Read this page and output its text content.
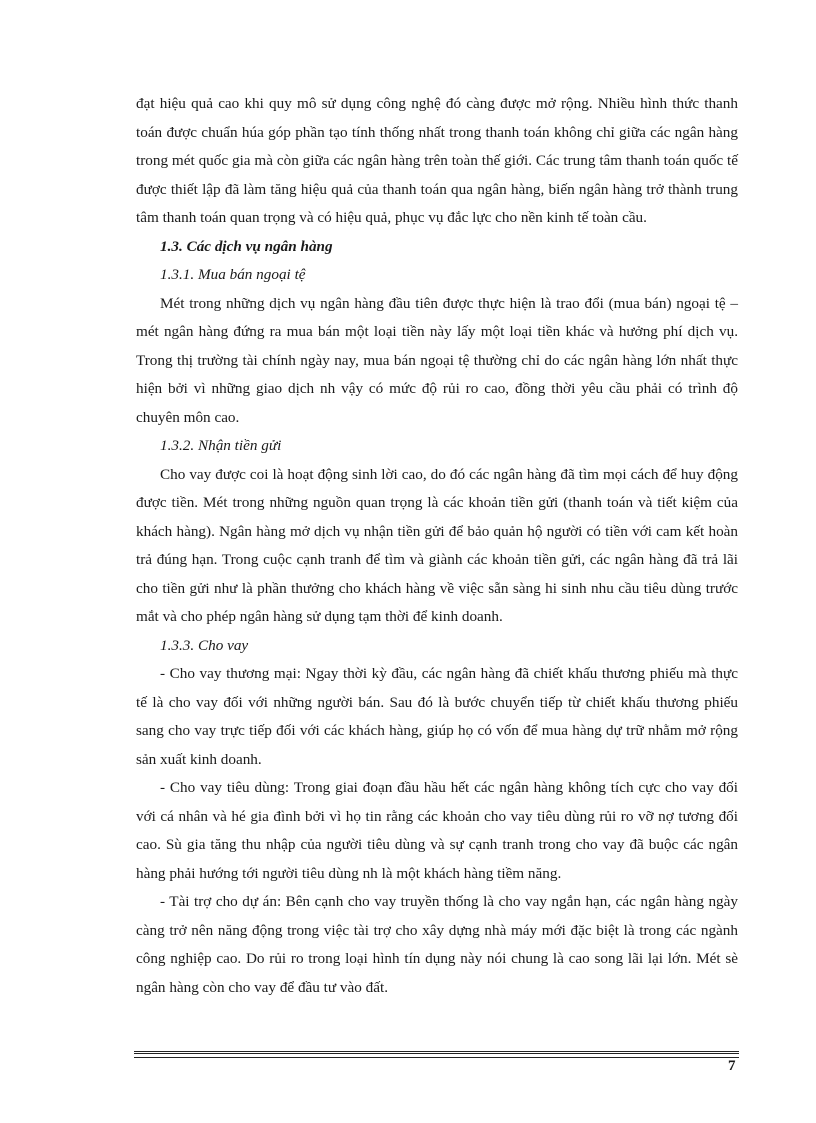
đạt hiệu quả cao khi quy mô sử dụng công nghệ đó càng được mở rộng. Nhiều hình thức thanh toán được chuẩn húa góp phần tạo tính thống nhất trong thanh toán không chỉ giữa các ngân hàng trong mét quốc gia mà còn giữa các ngân hàng trên toàn thế giới. Các trung tâm thanh toán quốc tế được thiết lập đã làm tăng hiệu quả của thanh toán qua ngân hàng, biến ngân hàng trở thành trung tâm thanh toán quan trọng và có hiệu quả, phục vụ đắc lực cho nền kinh tế toàn cầu.

1.3. Các dịch vụ ngân hàng

1.3.1. Mua bán ngoại tệ

Mét trong những dịch vụ ngân hàng đầu tiên được thực hiện là trao đổi (mua bán) ngoại tệ – mét ngân hàng đứng ra mua bán một loại tiền này lấy một loại tiền khác và hưởng phí dịch vụ. Trong thị trường tài chính ngày nay, mua bán ngoại tệ thường chỉ do các ngân hàng lớn nhất thực hiện bởi vì những giao dịch nh vậy có mức độ rủi ro cao, đồng thời yêu cầu phải có trình độ chuyên môn cao.

1.3.2. Nhận tiền gửi

Cho vay được coi là hoạt động sinh lời cao, do đó các ngân hàng đã tìm mọi cách để huy động được tiền. Mét trong những nguồn quan trọng là các khoản tiền gửi (thanh toán và tiết kiệm của khách hàng). Ngân hàng mở dịch vụ nhận tiền gửi để bảo quản hộ người có tiền với cam kết hoàn trả đúng hạn. Trong cuộc cạnh tranh để tìm và giành các khoản tiền gửi, các ngân hàng đã trả lãi cho tiền gửi như là phần thưởng cho khách hàng về việc sẵn sàng hi sinh nhu cầu tiêu dùng trước mắt và cho phép ngân hàng sử dụng tạm thời để kinh doanh.

1.3.3. Cho vay

- Cho vay thương mại: Ngay thời kỳ đầu, các ngân hàng đã chiết khấu thương phiếu mà thực tế là cho vay đối với những người bán. Sau đó là bước chuyển tiếp từ chiết khấu thương phiếu sang cho vay trực tiếp đối với các khách hàng, giúp họ có vốn để mua hàng dự trữ nhằm mở rộng sản xuất kinh doanh.

- Cho vay tiêu dùng: Trong giai đoạn đầu hầu hết các ngân hàng không tích cực cho vay đối với cá nhân và hé gia đình bởi vì họ tin rằng các khoản cho vay tiêu dùng rủi ro vỡ nợ tương đối cao. Sù gia tăng thu nhập của người tiêu dùng và sự cạnh tranh trong cho vay đã buộc các ngân hàng phải hướng tới người tiêu dùng nh là một khách hàng tiềm năng.

- Tài trợ cho dự án: Bên cạnh cho vay truyền thống là cho vay ngắn hạn, các ngân hàng ngày càng trở nên năng động trong việc tài trợ cho xây dựng nhà máy mới đặc biệt là trong các ngành công nghiệp cao. Do rủi ro trong loại hình tín dụng này nói chung là cao song lãi lại lớn. Mét sè ngân hàng còn cho vay để đầu tư vào đất.

7
